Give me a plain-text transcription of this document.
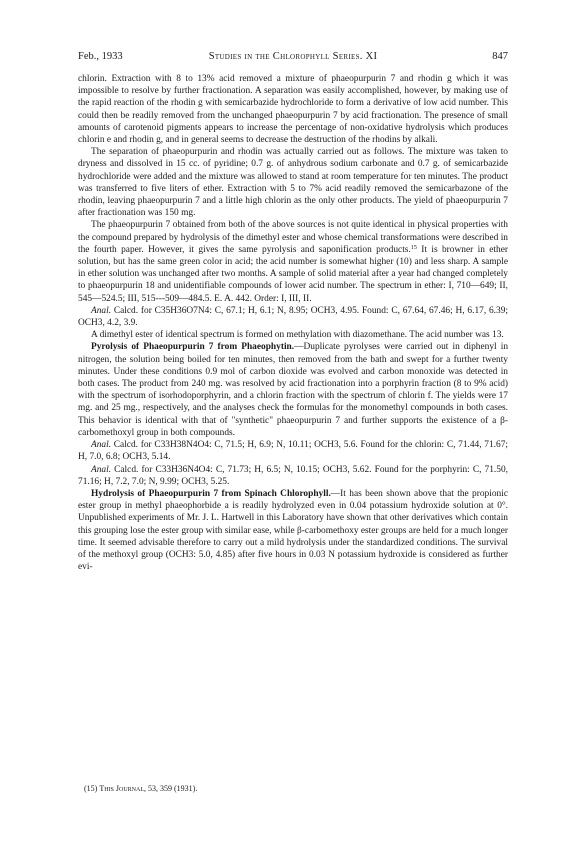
Feb., 1933	Studies in the Chlorophyll Series. XI	847

chlorin. Extraction with 8 to 13% acid removed a mixture of phaeopurpurin 7 and rhodin g which it was impossible to resolve by further fractionation. A separation was easily accomplished, however, by making use of the rapid reaction of the rhodin g with semicarbazide hydrochloride to form a derivative of low acid number. This could then be readily removed from the unchanged phaeopurpurin 7 by acid fractionation. The presence of small amounts of carotenoid pigments appears to increase the percentage of non-oxidative hydrolysis which produces chlorin e and rhodin g, and in general seems to decrease the destruction of the rhodins by alkali.

The separation of phaeopurpurin and rhodin was actually carried out as follows. The mixture was taken to dryness and dissolved in 15 cc. of pyridine; 0.7 g. of anhydrous sodium carbonate and 0.7 g. of semicarbazide hydrochloride were added and the mixture was allowed to stand at room temperature for ten minutes. The product was transferred to five liters of ether. Extraction with 5 to 7% acid readily removed the semicarbazone of the rhodin, leaving phaeopurpurin 7 and a little high chlorin as the only other products. The yield of phaeopurpurin 7 after fractionation was 150 mg.

The phaeopurpurin 7 obtained from both of the above sources is not quite identical in physical properties with the compound prepared by hydrolysis of the dimethyl ester and whose chemical transformations were described in the fourth paper. However, it gives the same pyrolysis and saponification products.$^{15}$ It is browner in ether solution, but has the same green color in acid; the acid number is somewhat higher (10) and less sharp. A sample in ether solution was unchanged after two months. A sample of solid material after a year had changed completely to phaeopurpurin 18 and unidentifiable compounds of lower acid number. The spectrum in ether: I, 710—649; II, 545—524.5; III, 515---509—484.5. E. A. 442. Order: I, III, II.

Anal. Calcd. for C35H36O7N4: C, 67.1; H, 6.1; N, 8.95; OCH3, 4.95. Found: C, 67.64, 67.46; H, 6.17, 6.39; OCH3, 4.2, 3.9.

A dimethyl ester of identical spectrum is formed on methylation with diazomethane. The acid number was 13.

Pyrolysis of Phaeopurpurin 7 from Phaeophytin.—Duplicate pyrolyses were carried out in diphenyl in nitrogen, the solution being boiled for ten minutes, then removed from the bath and swept for a further twenty minutes. Under these conditions 0.9 mol of carbon dioxide was evolved and carbon monoxide was detected in both cases. The product from 240 mg. was resolved by acid fractionation into a porphyrin fraction (8 to 9% acid) with the spectrum of isorhodoporphyrin, and a chlorin fraction with the spectrum of chlorin f. The yields were 17 mg. and 25 mg., respectively, and the analyses check the formulas for the monomethyl compounds in both cases. This behavior is identical with that of "synthetic" phaeopurpurin 7 and further supports the existence of a β-carbomethoxyl group in both compounds.

Anal. Calcd. for C33H38N4O4: C, 71.5; H, 6.9; N, 10.11; OCH3, 5.6. Found for the chlorin: C, 71.44, 71.67; H, 7.0, 6.8; OCH3, 5.14.

Anal. Calcd. for C33H36N4O4: C, 71.73; H, 6.5; N, 10.15; OCH3, 5.62. Found for the porphyrin: C, 71.50, 71.16; H, 7.2, 7.0; N, 9.99; OCH3, 5.25.

Hydrolysis of Phaeopurpurin 7 from Spinach Chlorophyll.—It has been shown above that the propionic ester group in methyl phaeophorbide a is readily hydrolyzed even in 0.04 potassium hydroxide solution at 0°. Unpublished experiments of Mr. J. L. Hartwell in this Laboratory have shown that other derivatives which contain this grouping lose the ester group with similar ease, while β-carbomethoxy ester groups are held for a much longer time. It seemed advisable therefore to carry out a mild hydrolysis under the standardized conditions. The survival of the methoxyl group (OCH3: 5.0, 4.85) after five hours in 0.03 N potassium hydroxide is considered as further evi-

(15) This Journal, 53, 359 (1931).
